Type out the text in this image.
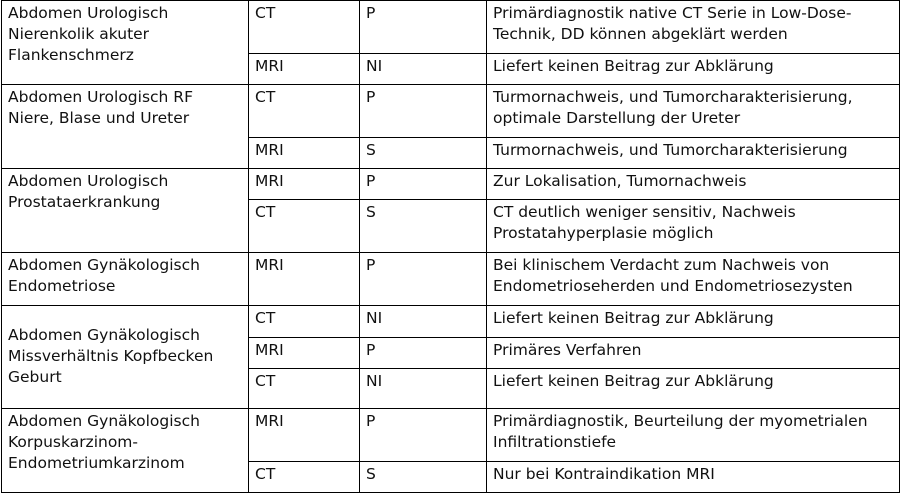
Abdomen Urologisch Nierenkolik akuter Flankenschmerz	CT	P	Primärdiagnostik native CT Serie in Low-Dose-Technik, DD können abgeklärt werden
	MRI	NI	Liefert keinen Beitrag zur Abklärung
Abdomen Urologisch RF Niere, Blase und Ureter	CT	P	Turmornachweis, und Tumorcharakterisierung, optimale Darstellung der Ureter
	MRI	S	Turmornachweis, und Tumorcharakterisierung
Abdomen Urologisch Prostataerkrankung	MRI	P	Zur Lokalisation, Tumornachweis
	CT	S	CT deutlich weniger sensitiv, Nachweis Prostatahyperplasie möglich
Abdomen Gynäkologisch Endometriose	MRI	P	Bei klinischem Verdacht zum Nachweis von Endometrioseherden und Endometriosezysten
Abdomen Gynäkologisch Missverhältnis Kopfbecken Geburt	CT	NI	Liefert keinen Beitrag zur Abklärung
	MRI	P	Primäres Verfahren
	CT	NI	Liefert keinen Beitrag zur Abklärung
Abdomen Gynäkologisch Korpuskarzinom-Endometriumkarzinom	MRI	P	Primärdiagnostik, Beurteilung der myometrialen Infiltrationstiefe
	CT	S	Nur bei Kontraindikation MRI
